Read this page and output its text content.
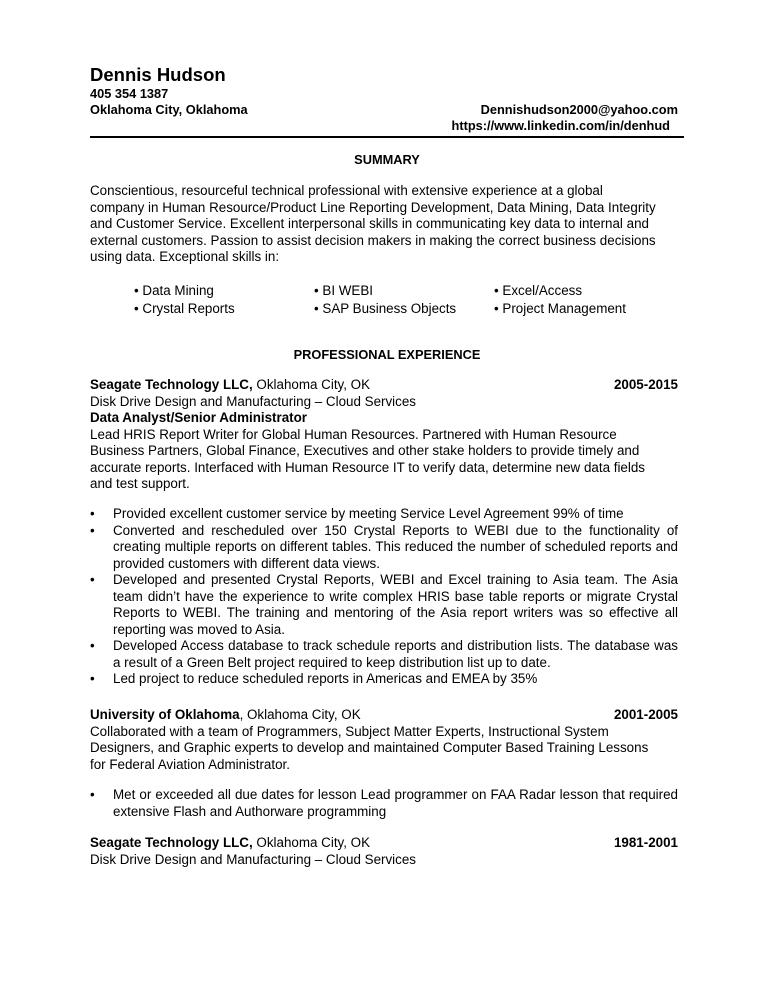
Dennis Hudson
405 354 1387
Oklahoma City, Oklahoma	Dennishudson2000@yahoo.com
https://www.linkedin.com/in/denhud
SUMMARY
Conscientious, resourceful technical professional with extensive experience at a global
company in Human Resource/Product Line Reporting Development, Data Mining, Data Integrity
and Customer Service. Excellent interpersonal skills in communicating key data to internal and
external customers. Passion to assist decision makers in making the correct business decisions
using data. Exceptional skills in:
• Data Mining	• BI WEBI	• Excel/Access
• Crystal Reports	• SAP Business Objects	• Project Management
PROFESSIONAL EXPERIENCE
Seagate Technology LLC, Oklahoma City, OK	2005-2015
Disk Drive Design and Manufacturing – Cloud Services
Data Analyst/Senior Administrator
Lead HRIS Report Writer for Global Human Resources. Partnered with Human Resource
Business Partners, Global Finance, Executives and other stake holders to provide timely and
accurate reports. Interfaced with Human Resource IT to verify data, determine new data fields
and test support.
• Provided excellent customer service by meeting Service Level Agreement 99% of time
• Converted and rescheduled over 150 Crystal Reports to WEBI due to the functionality of creating multiple reports on different tables. This reduced the number of scheduled reports and provided customers with different data views.
• Developed and presented Crystal Reports, WEBI and Excel training to Asia team. The Asia team didn’t have the experience to write complex HRIS base table reports or migrate Crystal Reports to WEBI. The training and mentoring of the Asia report writers was so effective all reporting was moved to Asia.
• Developed Access database to track schedule reports and distribution lists. The database was a result of a Green Belt project required to keep distribution list up to date.
• Led project to reduce scheduled reports in Americas and EMEA by 35%
University of Oklahoma, Oklahoma City, OK	2001-2005
Collaborated with a team of Programmers, Subject Matter Experts, Instructional System
Designers, and Graphic experts to develop and maintained Computer Based Training Lessons
for Federal Aviation Administrator.
• Met or exceeded all due dates for lesson Lead programmer on FAA Radar lesson that required extensive Flash and Authorware programming
Seagate Technology LLC, Oklahoma City, OK	1981-2001
Disk Drive Design and Manufacturing – Cloud Services
